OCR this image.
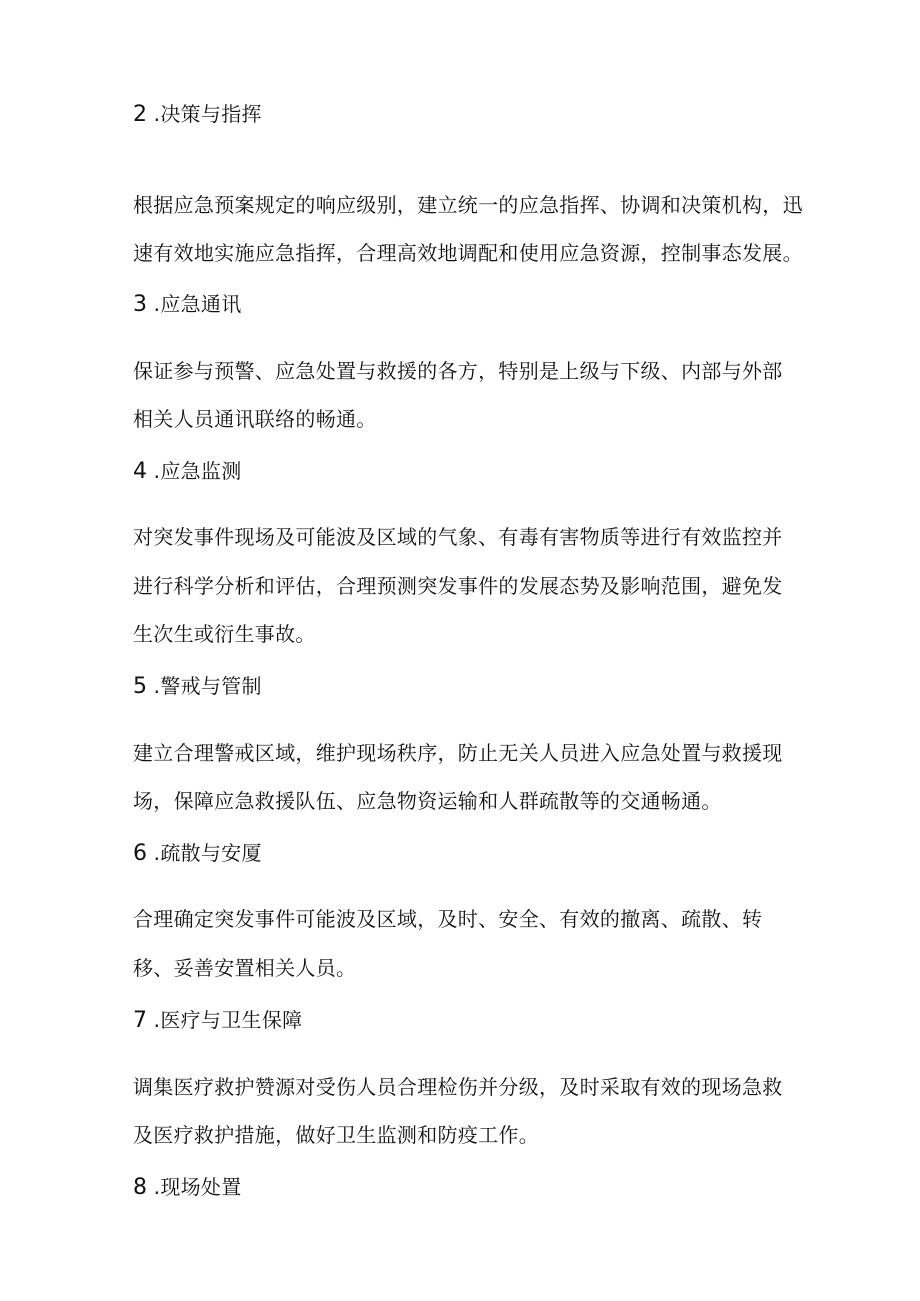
2 .决策与指挥
根据应急预案规定的响应级别，建立统一的应急指挥、协调和决策机构，迅
速有效地实施应急指挥，合理高效地调配和使用应急资源，控制事态发展。
3 .应急通讯
保证参与预警、应急处置与救援的各方，特别是上级与下级、内部与外部
相关人员通讯联络的畅通。
4 .应急监测
对突发事件现场及可能波及区域的气象、有毒有害物质等进行有效监控并
进行科学分析和评估，合理预测突发事件的发展态势及影响范围，避免发
生次生或衍生事故。
5 .警戒与管制
建立合理警戒区域，维护现场秩序，防止无关人员进入应急处置与救援现
场，保障应急救援队伍、应急物资运输和人群疏散等的交通畅通。
6 .疏散与安厦
合理确定突发事件可能波及区域，及时、安全、有效的撤离、疏散、转
移、妥善安置相关人员。
7 .医疗与卫生保障
调集医疗救护赞源对受伤人员合理检伤并分级，及时采取有效的现场急救
及医疗救护措施，做好卫生监测和防疫工作。
8 .现场处置
